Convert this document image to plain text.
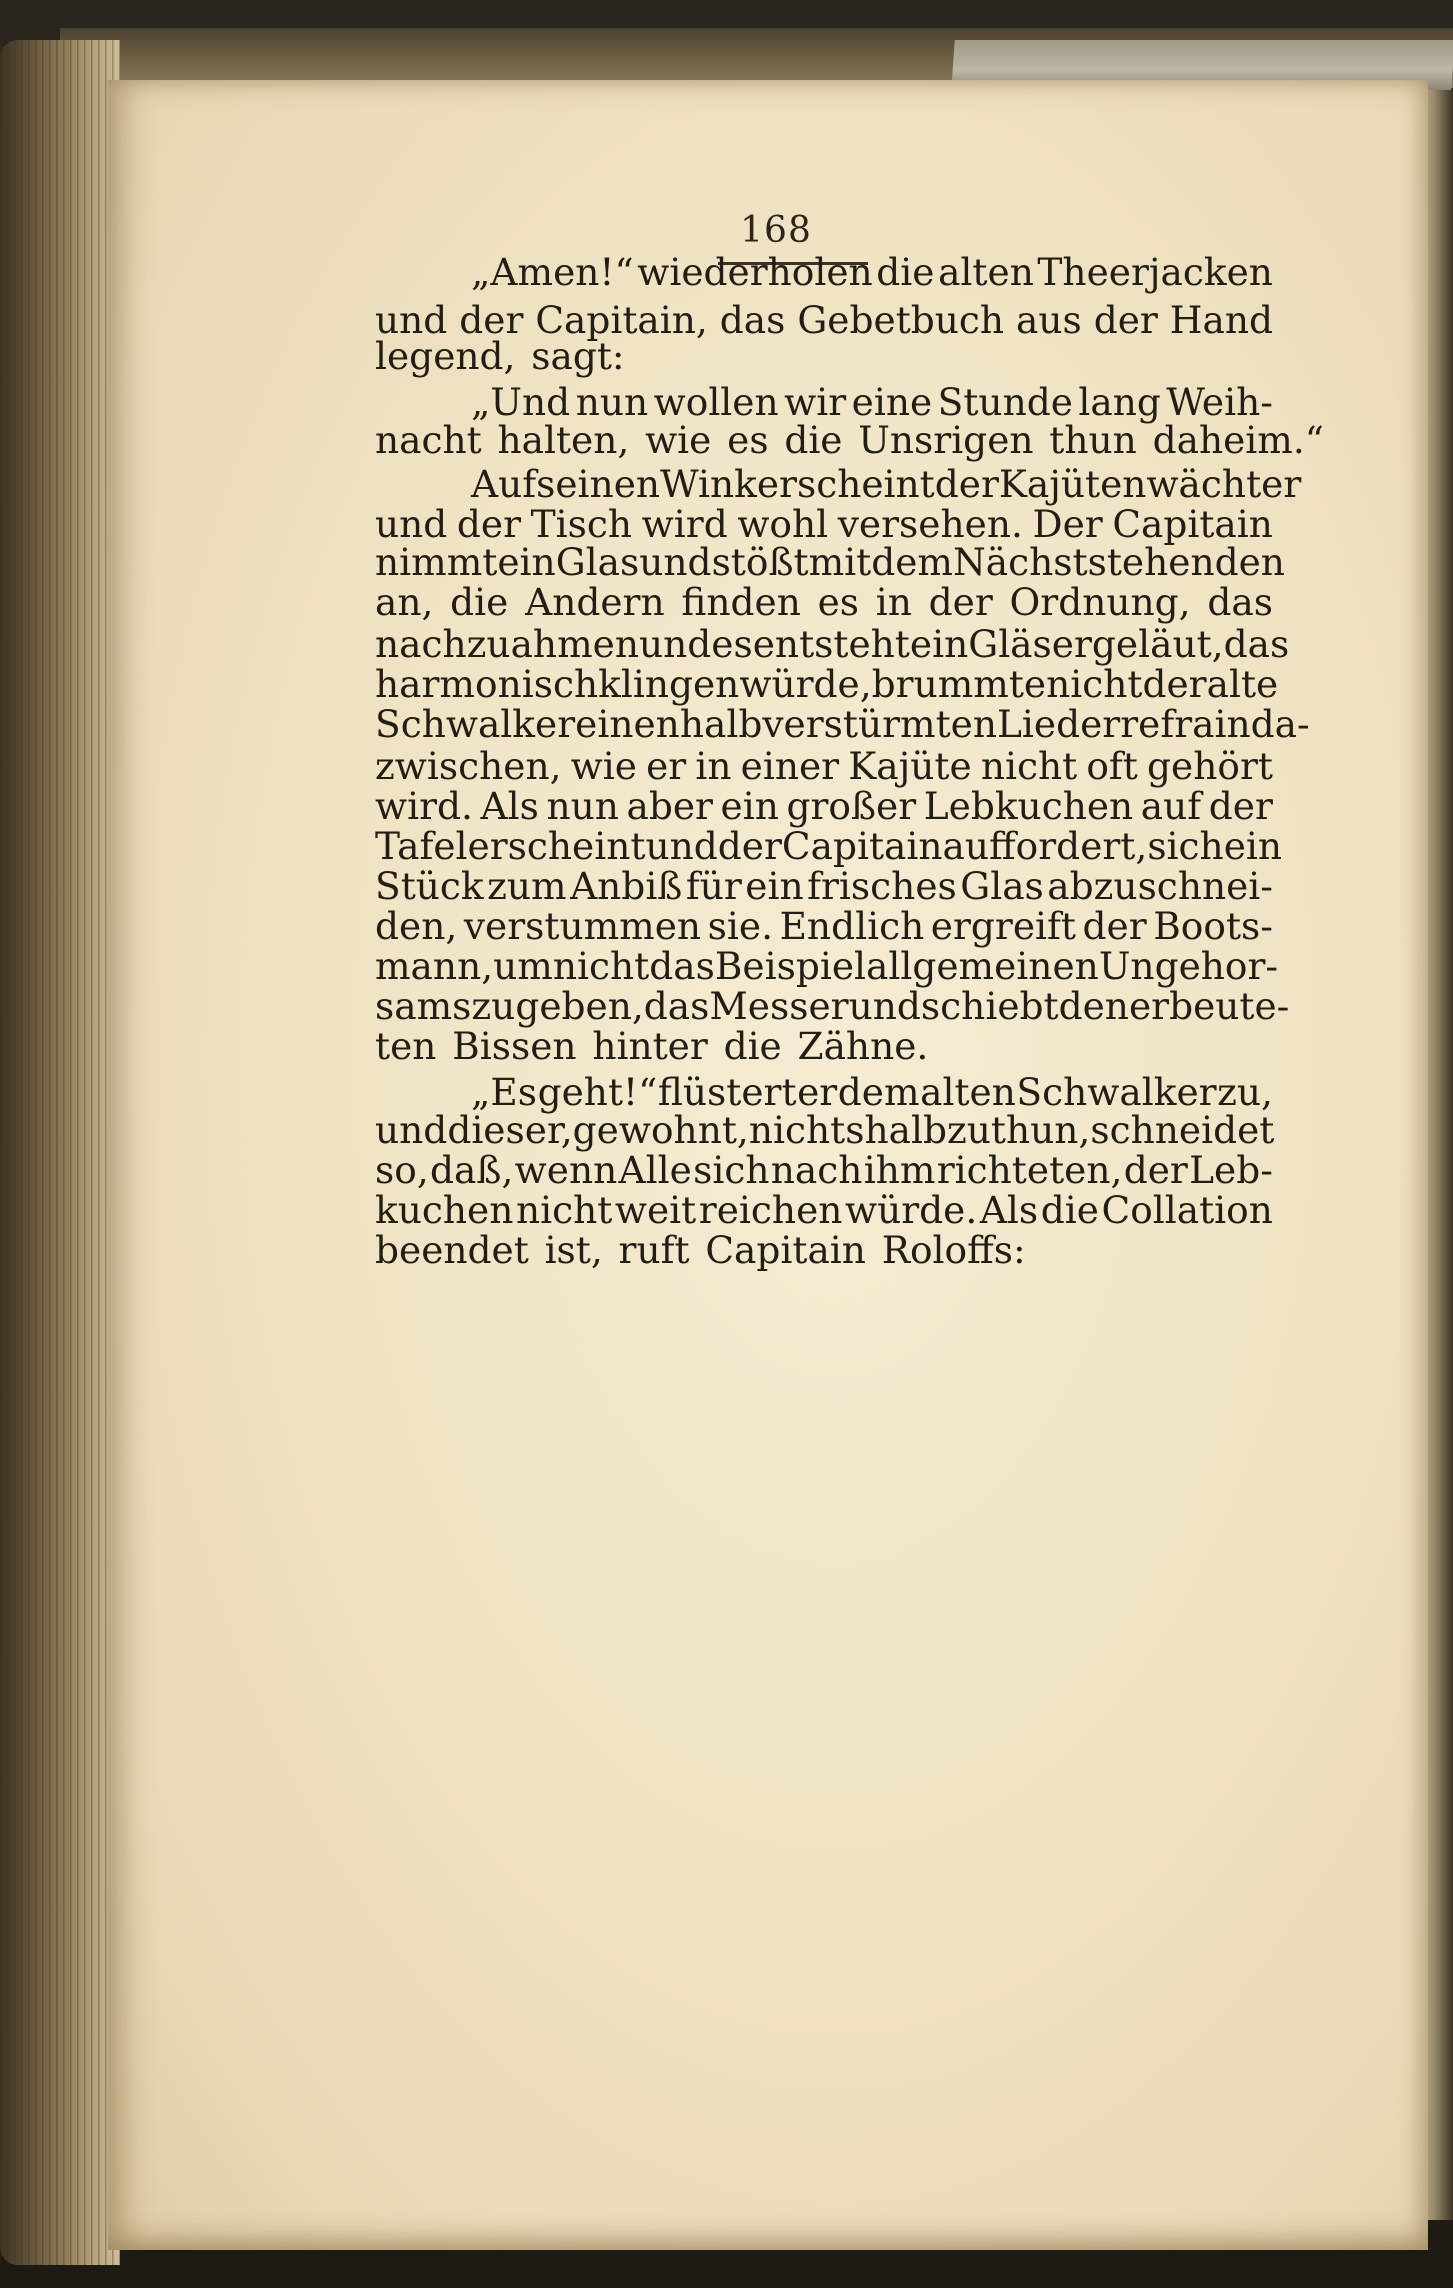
168
„Amen!“ wiederholen die alten Theerjacken
und der Capitain, das Gebetbuch aus der Hand
legend, sagt:
„Und nun wollen wir eine Stunde lang Weih-
nacht halten, wie es die Unsrigen thun daheim.“
Auf seinen Wink erscheint der Kajütenwächter
und der Tisch wird wohl versehen. Der Capitain
nimmt ein Glas und stößt mit dem Nächststehenden
an, die Andern finden es in der Ordnung, das
nachzuahmen und es entsteht ein Gläsergeläut, das
harmonisch klingen würde, brummte nicht der alte
Schwalker einen halbverstürmten Liederrefrain da-
zwischen, wie er in einer Kajüte nicht oft gehört
wird. Als nun aber ein großer Lebkuchen auf der
Tafel erscheint und der Capitain auffordert, sich ein
Stück zum Anbiß für ein frisches Glas abzuschnei-
den, verstummen sie. Endlich ergreift der Boots-
mann, um nicht das Beispiel allgemeinen Ungehor-
sams zu geben, das Messer und schiebt den erbeute-
ten Bissen hinter die Zähne.
„Es geht!“ flüstert er dem alten Schwalker zu,
und dieser, gewohnt, nichts halb zu thun, schneidet
so, daß, wenn Alle sich nach ihm richteten, der Leb-
kuchen nicht weit reichen würde. Als die Collation
beendet ist, ruft Capitain Roloffs:
